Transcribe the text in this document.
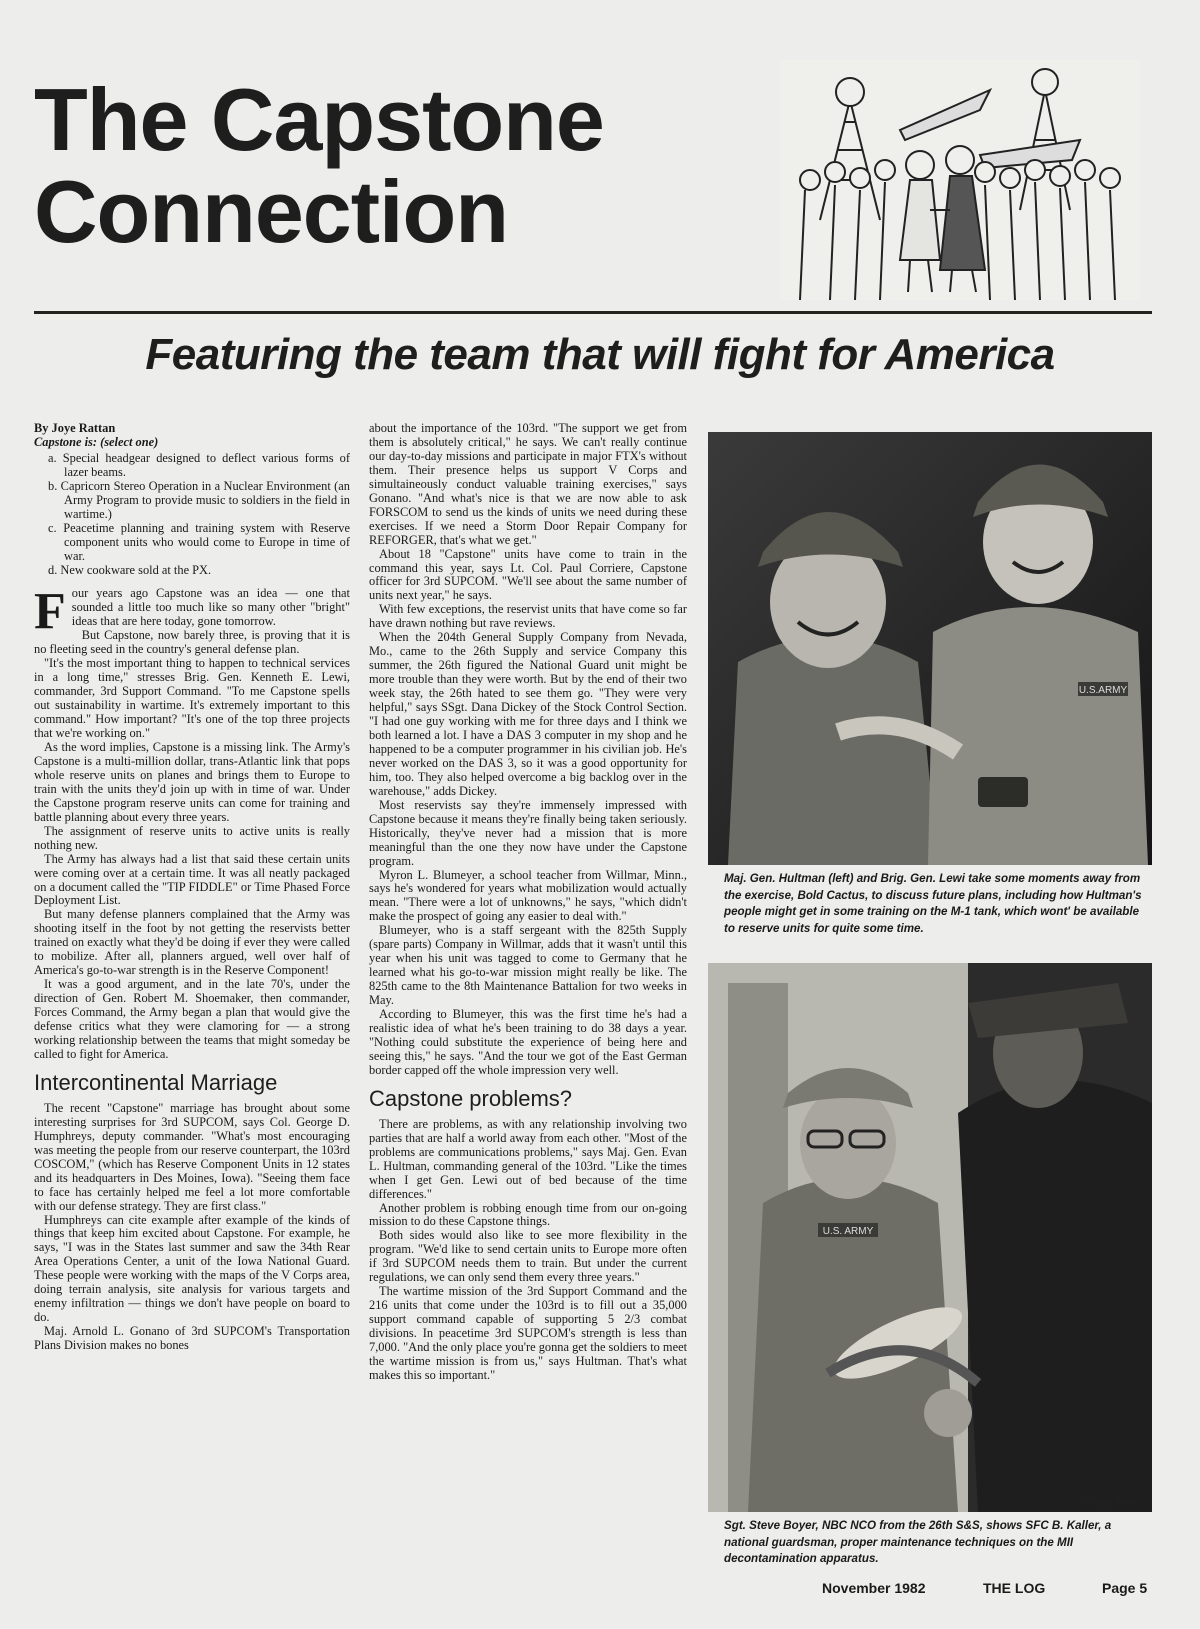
The Capstone
Connection
Featuring the team that will fight for America

By Joye Rattan

Capstone is: (select one)

a. Special headgear designed to deflect various forms of lazer beams.
b. Capricorn Stereo Operation in a Nuclear Environment (an Army Program to provide music to soldiers in the field in wartime.)
c. Peacetime planning and training system with Reserve component units who would come to Europe in time of war.
d. New cookware sold at the PX.

Four years ago Capstone was an idea — one that sounded a little too much like so many other "bright" ideas that are here today, gone tomorrow.

But Capstone, now barely three, is proving that it is no fleeting seed in the country's general defense plan.

"It's the most important thing to happen to technical services in a long time," stresses Brig. Gen. Kenneth E. Lewi, commander, 3rd Support Command. "To me Capstone spells out sustainability in wartime. It's extremely important to this command." How important? "It's one of the top three projects that we're working on."

As the word implies, Capstone is a missing link. The Army's Capstone is a multi-million dollar, trans-Atlantic link that pops whole reserve units on planes and brings them to Europe to train with the units they'd join up with in time of war. Under the Capstone program reserve units can come for training and battle planning about every three years.

The assignment of reserve units to active units is really nothing new.

The Army has always had a list that said these certain units were coming over at a certain time. It was all neatly packaged on a document called the "TIP FIDDLE" or Time Phased Force Deployment List.

But many defense planners complained that the Army was shooting itself in the foot by not getting the reservists better trained on exactly what they'd be doing if ever they were called to mobilize. After all, planners argued, well over half of America's go-to-war strength is in the Reserve Component!

It was a good argument, and in the late 70's, under the direction of Gen. Robert M. Shoemaker, then commander, Forces Command, the Army began a plan that would give the defense critics what they were clamoring for — a strong working relationship between the teams that might someday be called to fight for America.

Intercontinental Marriage

The recent "Capstone" marriage has brought about some interesting surprises for 3rd SUPCOM, says Col. George D. Humphreys, deputy commander. "What's most encouraging was meeting the people from our reserve counterpart, the 103rd COSCOM," (which has Reserve Component Units in 12 states and its headquarters in Des Moines, Iowa). "Seeing them face to face has certainly helped me feel a lot more comfortable with our defense strategy. They are first class."

Humphreys can cite example after example of the kinds of things that keep him excited about Capstone. For example, he says, "I was in the States last summer and saw the 34th Rear Area Operations Center, a unit of the Iowa National Guard. These people were working with the maps of the V Corps area, doing terrain analysis, site analysis for various targets and enemy infiltration — things we don't have people on board to do.

Maj. Arnold L. Gonano of 3rd SUPCOM's Transportation Plans Division makes no bones

about the importance of the 103rd. "The support we get from them is absolutely critical," he says. We can't really continue our day-to-day missions and participate in major FTX's without them. Their presence helps us support V Corps and simultaineously conduct valuable training exercises," says Gonano. "And what's nice is that we are now able to ask FORSCOM to send us the kinds of units we need during these exercises. If we need a Storm Door Repair Company for REFORGER, that's what we get."

About 18 "Capstone" units have come to train in the command this year, says Lt. Col. Paul Corriere, Capstone officer for 3rd SUPCOM. "We'll see about the same number of units next year," he says.

With few exceptions, the reservist units that have come so far have drawn nothing but rave reviews.

When the 204th General Supply Company from Nevada, Mo., came to the 26th Supply and service Company this summer, the 26th figured the National Guard unit might be more trouble than they were worth. But by the end of their two week stay, the 26th hated to see them go. "They were very helpful," says SSgt. Dana Dickey of the Stock Control Section. "I had one guy working with me for three days and I think we both learned a lot. I have a DAS 3 computer in my shop and he happened to be a computer programmer in his civilian job. He's never worked on the DAS 3, so it was a good opportunity for him, too. They also helped overcome a big backlog over in the warehouse," adds Dickey.

Most reservists say they're immensely impressed with Capstone because it means they're finally being taken seriously. Historically, they've never had a mission that is more meaningful than the one they now have under the Capstone program.

Myron L. Blumeyer, a school teacher from Willmar, Minn., says he's wondered for years what mobilization would actually mean. "There were a lot of unknowns," he says, "which didn't make the prospect of going any easier to deal with."

Blumeyer, who is a staff sergeant with the 825th Supply (spare parts) Company in Willmar, adds that it wasn't until this year when his unit was tagged to come to Germany that he learned what his go-to-war mission might really be like. The 825th came to the 8th Maintenance Battalion for two weeks in May.

According to Blumeyer, this was the first time he's had a realistic idea of what he's been training to do 38 days a year. "Nothing could substitute the experience of being here and seeing this," he says. "And the tour we got of the East German border capped off the whole impression very well.

Capstone problems?

There are problems, as with any relationship involving two parties that are half a world away from each other. "Most of the problems are communications problems," says Maj. Gen. Evan L. Hultman, commanding general of the 103rd. "Like the times when I get Gen. Lewi out of bed because of the time differences."

Another problem is robbing enough time from our on-going mission to do these Capstone things.

Both sides would also like to see more flexibility in the program. "We'd like to send certain units to Europe more often if 3rd SUPCOM needs them to train. But under the current regulations, we can only send them every three years."

The wartime mission of the 3rd Support Command and the 216 units that come under the 103rd is to fill out a 35,000 support command capable of supporting 5 2/3 combat divisions. In peacetime 3rd SUPCOM's strength is less than 7,000. "And the only place you're gonna get the soldiers to meet the wartime mission is from us," says Hultman. That's what makes this so important."

U.S.ARMY
Maj. Gen. Hultman (left) and Brig. Gen. Lewi take some moments away from the exercise, Bold Cactus, to discuss future plans, including how Hultman's people might get in some training on the M-1 tank, which wont' be available to reserve units for quite some time.
U.S. ARMY
V Corps Photo
Sgt. Steve Boyer, NBC NCO from the 26th S&S, shows SFC B. Kaller, a national guardsman, proper maintenance techniques on the MII decontamination apparatus.
November 1982	THE LOG	Page 5
